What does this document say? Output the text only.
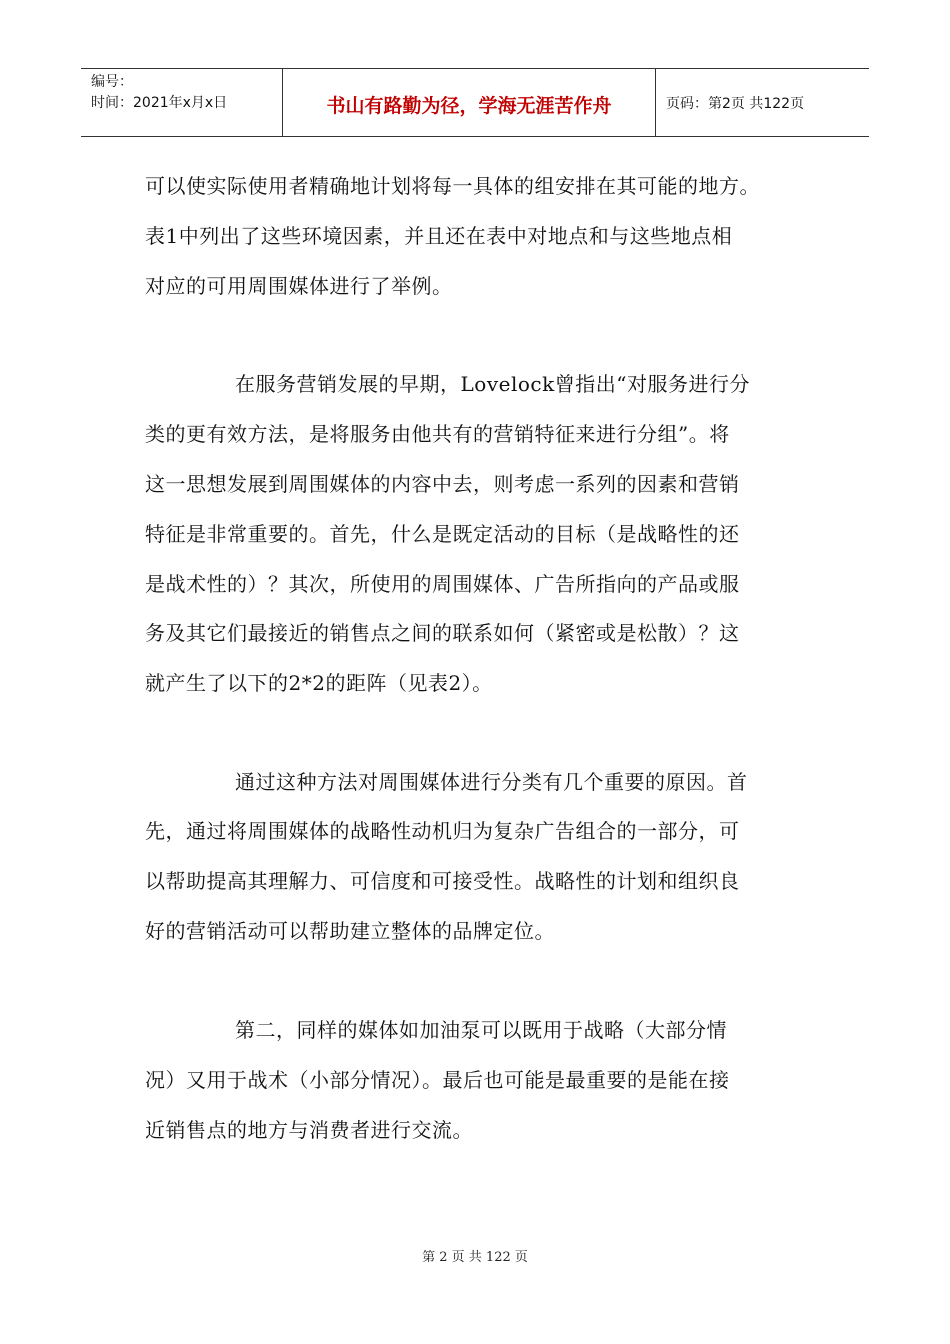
编号：
时间：2021年x月x日	书山有路勤为径，学海无涯苦作舟	页码：第2页 共122页
可以使实际使用者精确地计划将每一具体的组安排在其可能的地方。
表1中列出了这些环境因素，并且还在表中对地点和与这些地点相
对应的可用周围媒体进行了举例。
在服务营销发展的早期，Lovelock曾指出“对服务进行分
类的更有效方法，是将服务由他共有的营销特征来进行分组”。将
这一思想发展到周围媒体的内容中去，则考虑一系列的因素和营销
特征是非常重要的。首先，什么是既定活动的目标（是战略性的还
是战术性的）？其次，所使用的周围媒体、广告所指向的产品或服
务及其它们最接近的销售点之间的联系如何（紧密或是松散）？这
就产生了以下的2*2的距阵（见表2）。
通过这种方法对周围媒体进行分类有几个重要的原因。首
先，通过将周围媒体的战略性动机归为复杂广告组合的一部分，可
以帮助提高其理解力、可信度和可接受性。战略性的计划和组织良
好的营销活动可以帮助建立整体的品牌定位。
第二，同样的媒体如加油泵可以既用于战略（大部分情
况）又用于战术（小部分情况）。最后也可能是最重要的是能在接
近销售点的地方与消费者进行交流。
第 2 页 共 122 页
